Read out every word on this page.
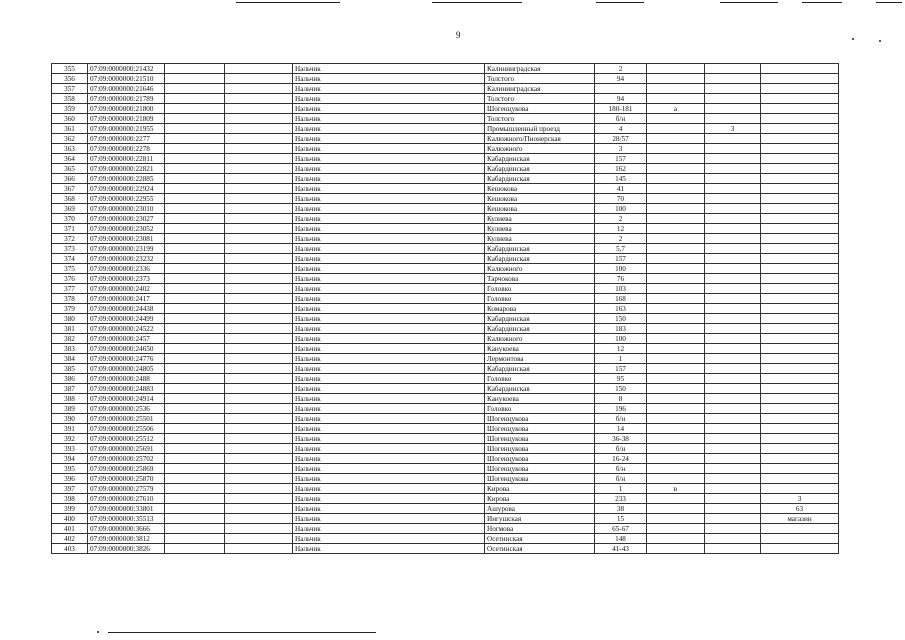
9
355	07:09:0000000:21432			Нальчик	Калининградская	2			
356	07:09:0000000:21510			Нальчик	Толстого	94			
357	07:09:0000000:21646			Нальчик	Калининградская				
358	07:09:0000000:21789			Нальчик	Толстого	94			
359	07:09:0000000:21800			Нальчик	Шогенцукова	180-181	а		
360	07:09:0000000:21809			Нальчик	Толстого	б/н			
361	07:09:0000000:21955			Нальчик	Промышленный проезд	4		3	
362	07:09:0000000:2277			Нальчик	Калюжного/Пионерская	28/57			
363	07:09:0000000:2278			Нальчик	Калюжного	3			
364	07:09:0000000:22811			Нальчик	Кабардинская	157			
365	07:09:0000000:22821			Нальчик	Кабардинская	162			
366	07:09:0000000:22885			Нальчик	Кабардинская	145			
367	07:09:0000000:22924			Нальчик	Кешокова	41			
368	07:09:0000000:22955			Нальчик	Кешокова	70			
369	07:09:0000000:23010			Нальчик	Кешокова	100			
370	07:09:0000000:23027			Нальчик	Кулиева	2			
371	07:09:0000000:23052			Нальчик	Кулиева	12			
372	07:09:0000000:23081			Нальчик	Кулиева	2			
373	07:09:0000000:23199			Нальчик	Кабардинская	5,7			
374	07:09:0000000:23232			Нальчик	Кабардинская	157			
375	07:09:0000000:2336			Нальчик	Калюжного	100			
376	07:09:0000000:2373			Нальчик	Тарчокова	76			
377	07:09:0000000:2402			Нальчик	Головко	103			
378	07:09:0000000:2417			Нальчик	Головко	168			
379	07:09:0000000:24438			Нальчик	Комарова	163			
380	07:09:0000000:24499			Нальчик	Кабардинская	150			
381	07:09:0000000:24522			Нальчик	Кабардинская	183			
382	07:09:0000000:2457			Нальчик	Калюжного	100			
383	07:09:0000000:24650			Нальчик	Канукоева	12			
384	07:09:0000000:24776			Нальчик	Лермонтова	1			
385	07:09:0000000:24805			Нальчик	Кабардинская	157			
386	07:09:0000000:2488			Нальчик	Головко	95			
387	07:09:0000000:24883			Нальчик	Кабардинская	150			
388	07:09:0000000:24914			Нальчик	Канукоева	8			
389	07:09:0000000:2536			Нальчик	Головко	196			
390	07:09:0000000:25501			Нальчик	Шогенцукова	б/н			
391	07:09:0000000:25506			Нальчик	Шогенцукова	14			
392	07:09:0000000:25512			Нальчик	Шогенцукова	36-38			
393	07:09:0000000:25691			Нальчик	Шогенцукова	б/н			
394	07:09:0000000:25702			Нальчик	Шогенцукова	16-24			
395	07:09:0000000:25869			Нальчик	Шогенцукова	б/н			
396	07:09:0000000:25870			Нальчик	Шогенцукова	б/н			
397	07:09:0000000:27579			Нальчик	Кирова	1	в		
398	07:09:0000000:27610			Нальчик	Кирова	233			3
399	07:09:0000000:33801			Нальчик	Ашурова	38			63
400	07:09:0000000:35513			Нальчик	Ингушская	15			магазин
401	07:09:0000000:3666			Нальчик	Ногмова	65-67			
402	07:09:0000000:3812			Нальчик	Осетинская	148			
403	07:09:0000000:3826			Нальчик	Осетинская	41-43			
